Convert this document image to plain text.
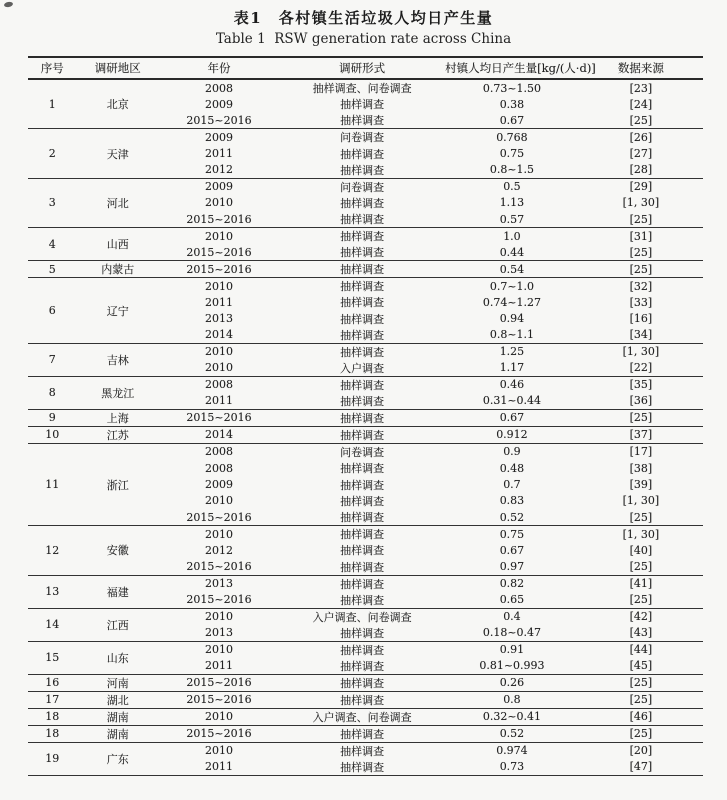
表1　各村镇生活垃圾人均日产生量
Table 1  RSW generation rate across China
序号	调研地区	年份	调研形式	村镇人均日产生量[kg/(人·d)]	数据来源
1	北京	2008	抽样调查、问卷调查	0.73~1.50	[23]
		2009	抽样调查	0.38	[24]
		2015~2016	抽样调查	0.67	[25]
2	天津	2009	问卷调查	0.768	[26]
		2011	抽样调查	0.75	[27]
		2012	抽样调查	0.8~1.5	[28]
3	河北	2009	问卷调查	0.5	[29]
		2010	抽样调查	1.13	[1, 30]
		2015~2016	抽样调查	0.57	[25]
4	山西	2010	抽样调查	1.0	[31]
		2015~2016	抽样调查	0.44	[25]
5	内蒙古	2015~2016	抽样调查	0.54	[25]
6	辽宁	2010	抽样调查	0.7~1.0	[32]
		2011	抽样调查	0.74~1.27	[33]
		2013	抽样调查	0.94	[16]
		2014	抽样调查	0.8~1.1	[34]
7	吉林	2010	抽样调查	1.25	[1, 30]
		2010	入户调查	1.17	[22]
8	黑龙江	2008	抽样调查	0.46	[35]
		2011	抽样调查	0.31~0.44	[36]
9	上海	2015~2016	抽样调查	0.67	[25]
10	江苏	2014	抽样调查	0.912	[37]
11	浙江	2008	问卷调查	0.9	[17]
		2008	抽样调查	0.48	[38]
		2009	抽样调查	0.7	[39]
		2010	抽样调查	0.83	[1, 30]
		2015~2016	抽样调查	0.52	[25]
12	安徽	2010	抽样调查	0.75	[1, 30]
		2012	抽样调查	0.67	[40]
		2015~2016	抽样调查	0.97	[25]
13	福建	2013	抽样调查	0.82	[41]
		2015~2016	抽样调查	0.65	[25]
14	江西	2010	入户调查、问卷调查	0.4	[42]
		2013	抽样调查	0.18~0.47	[43]
15	山东	2010	抽样调查	0.91	[44]
		2011	抽样调查	0.81~0.993	[45]
16	河南	2015~2016	抽样调查	0.26	[25]
17	湖北	2015~2016	抽样调查	0.8	[25]
18	湖南	2010	入户调查、问卷调查	0.32~0.41	[46]
18	湖南	2015~2016	抽样调查	0.52	[25]
19	广东	2010	抽样调查	0.974	[20]
		2011	抽样调查	0.73	[47]
